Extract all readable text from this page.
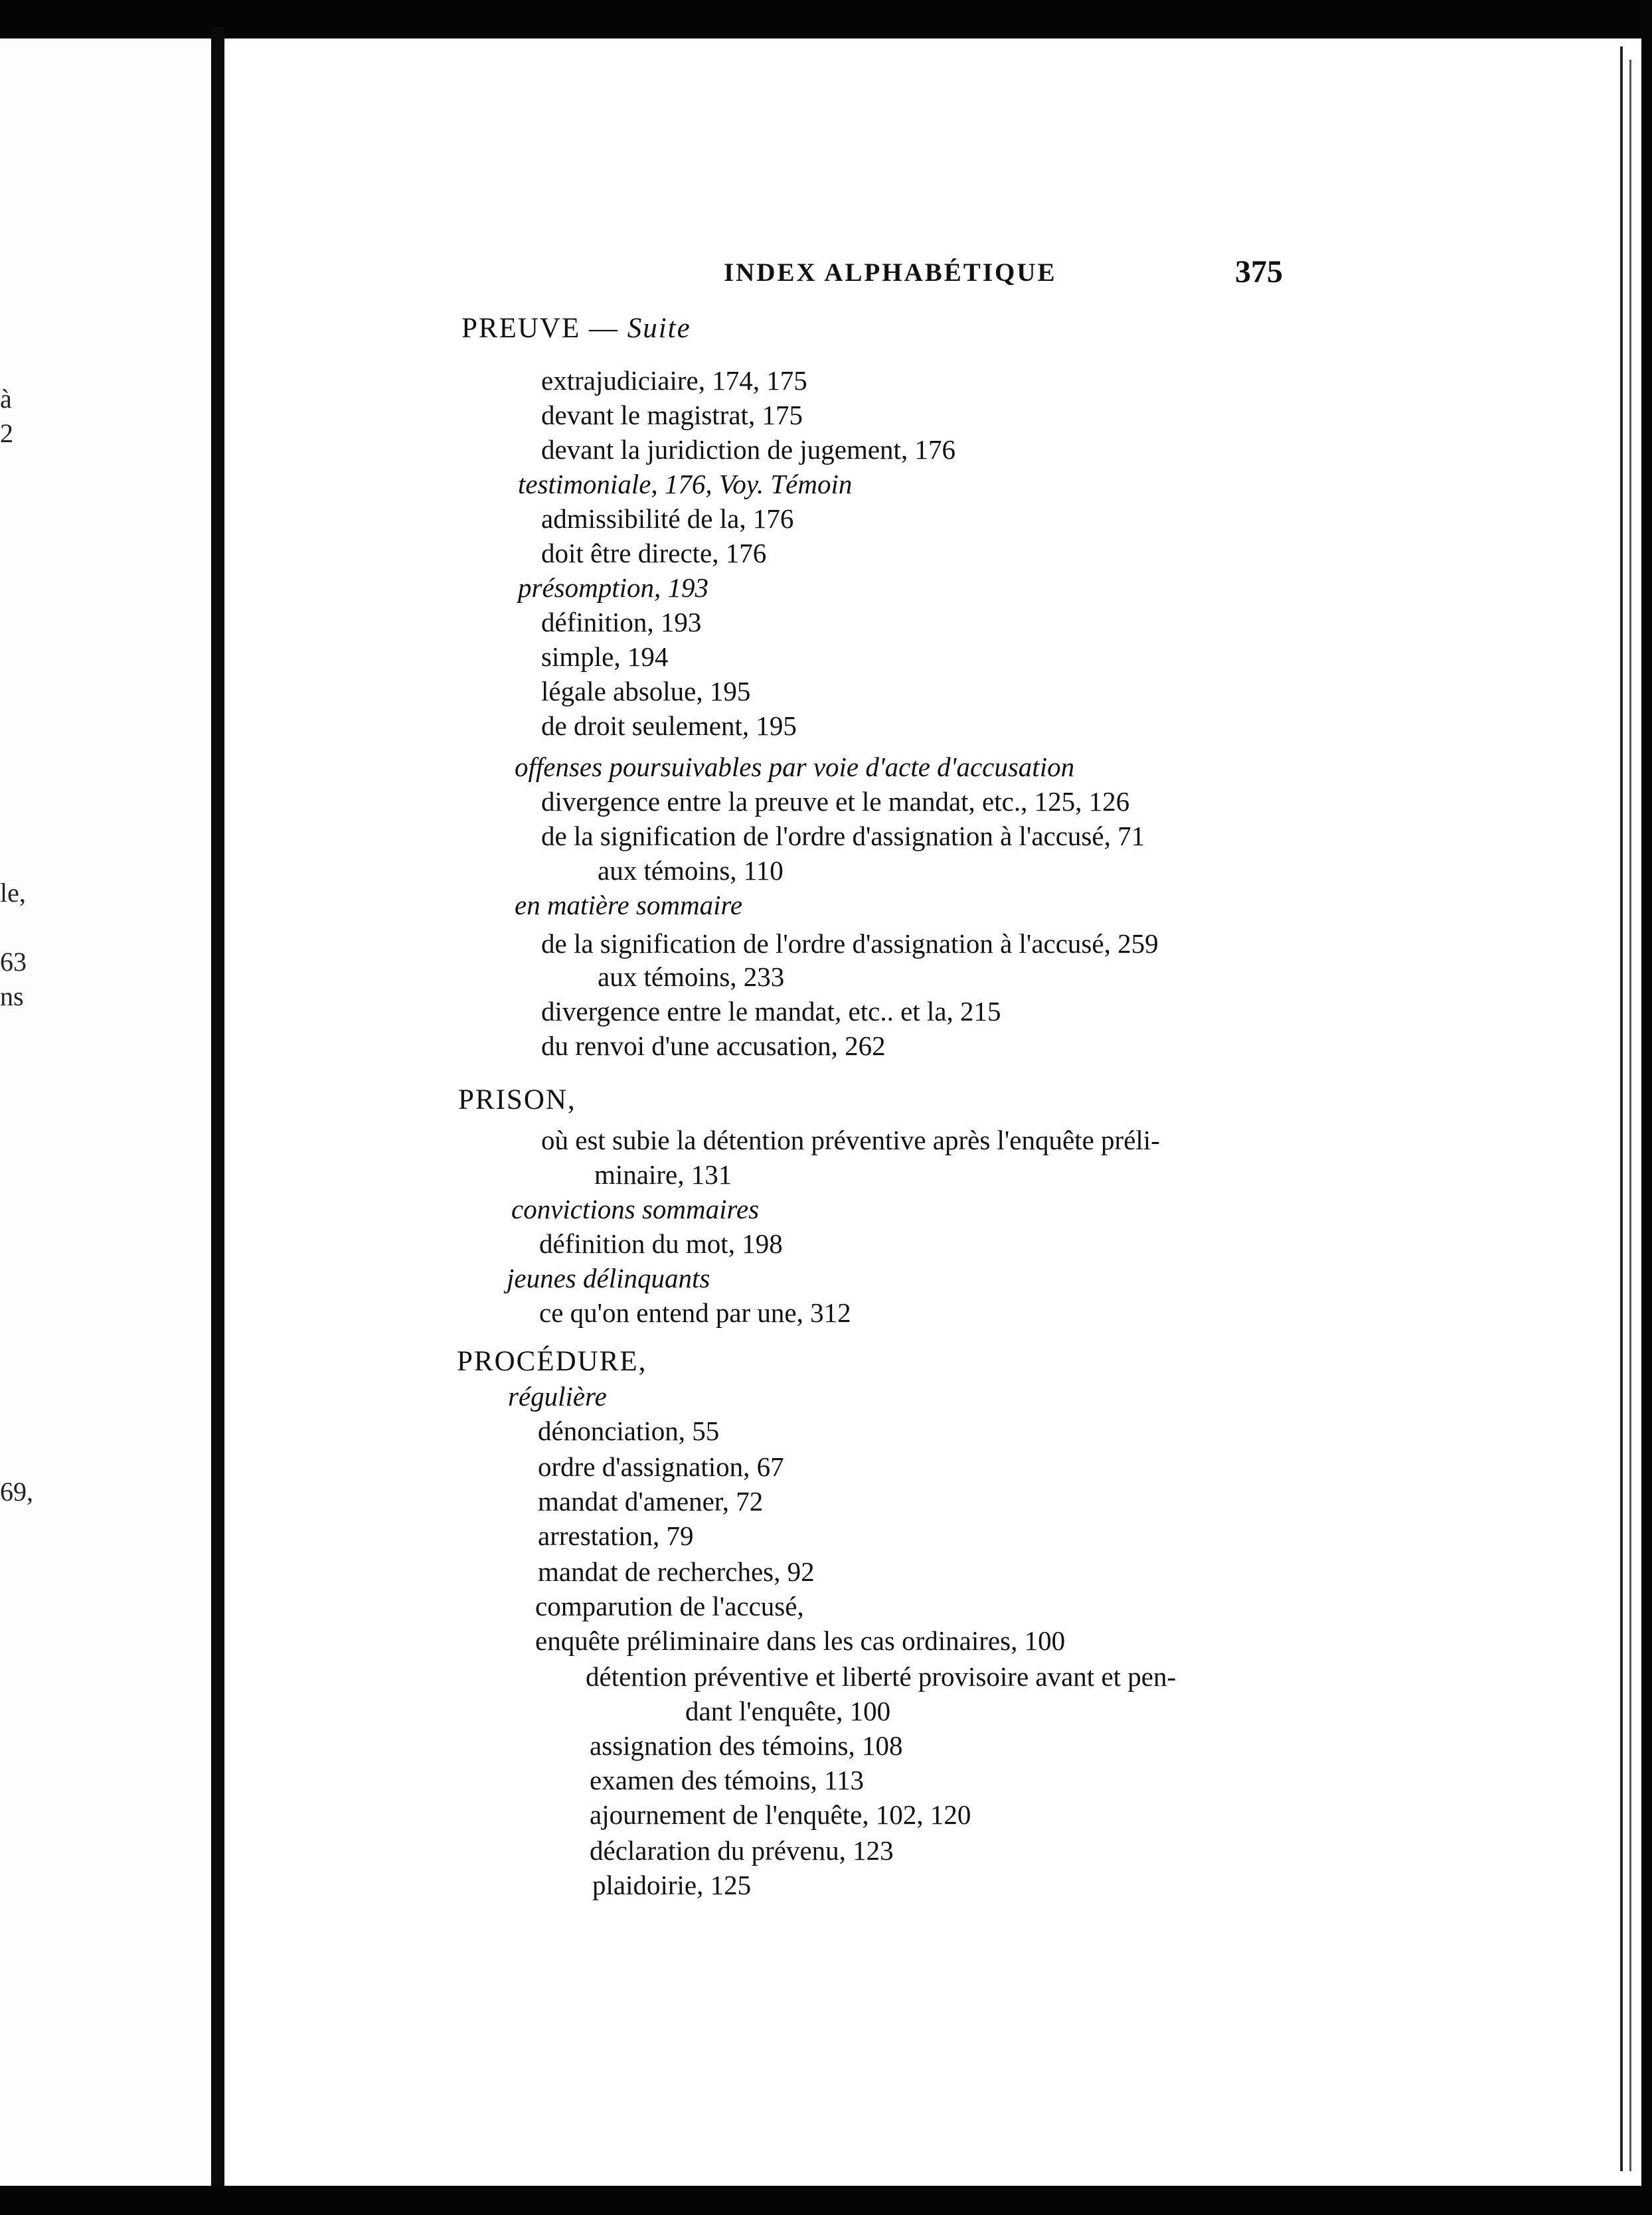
à
2
le,
63
ns
69,
INDEX ALPHABÉTIQUE	375
PREUVE — Suite
extrajudiciaire, 174, 175
devant le magistrat, 175
devant la juridiction de jugement, 176
testimoniale, 176, Voy. Témoin
admissibilité de la, 176
doit être directe, 176
présomption, 193
définition, 193
simple, 194
légale absolue, 195
de droit seulement, 195
offenses poursuivables par voie d'acte d'accusation
divergence entre la preuve et le mandat, etc., 125, 126
de la signification de l'ordre d'assignation à l'accusé, 71
aux témoins, 110
en matière sommaire
de la signification de l'ordre d'assignation à l'accusé, 259
aux témoins, 233
divergence entre le mandat, etc.. et la, 215
du renvoi d'une accusation, 262
PRISON,
où est subie la détention préventive après l'enquête préli-
minaire, 131
convictions sommaires
définition du mot, 198
jeunes délinquants
ce qu'on entend par une, 312
PROCÉDURE,
régulière
dénonciation, 55
ordre d'assignation, 67
mandat d'amener, 72
arrestation, 79
mandat de recherches, 92
comparution de l'accusé,
enquête préliminaire dans les cas ordinaires, 100
détention préventive et liberté provisoire avant et pen-
dant l'enquête, 100
assignation des témoins, 108
examen des témoins, 113
ajournement de l'enquête, 102, 120
déclaration du prévenu, 123
plaidoirie, 125
